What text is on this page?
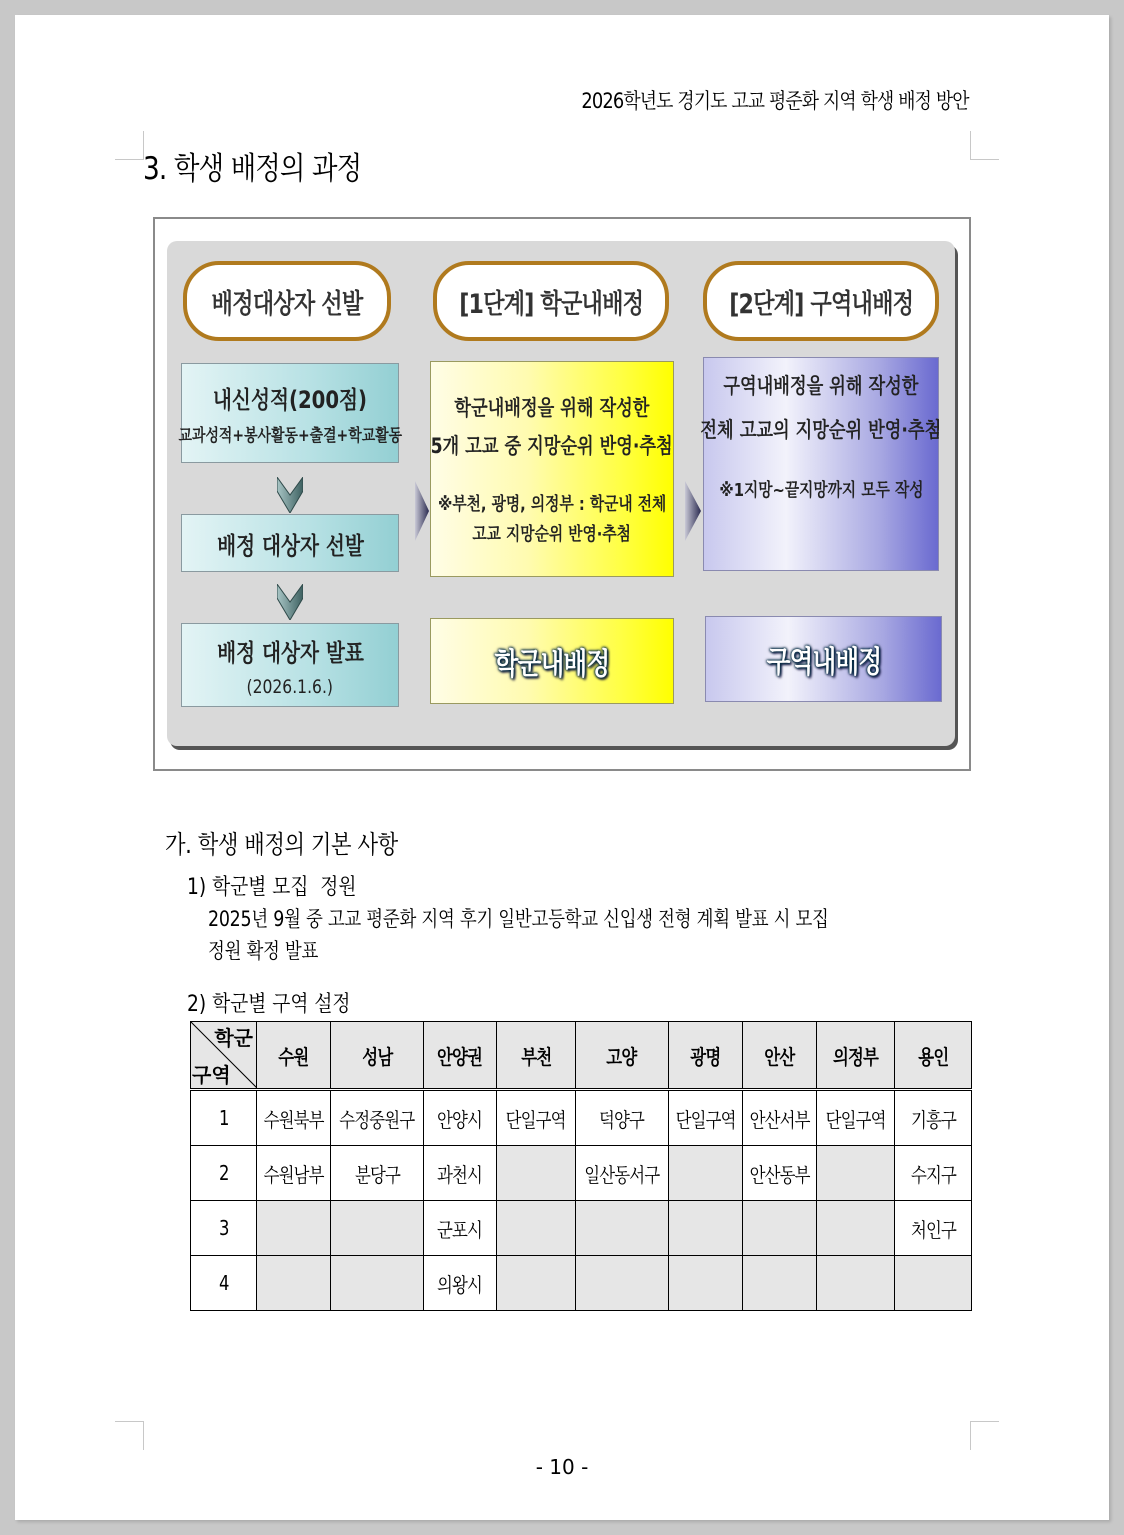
2026학년도 경기도 고교 평준화 지역 학생 배정 방안
3. 학생 배정의 과정
배정대상자 선발	[1단계] 학군내배정	[2단계] 구역내배정
내신성적(200점)
교과성적+봉사활동+출결+학교활동
배정 대상자 선발
배정 대상자 발표
(2026.1.6.)
학군내배정을 위해 작성한
5개 고교 중 지망순위 반영·추첨
※부천, 광명, 의정부 : 학군내 전체
고교 지망순위 반영·추첨
학군내배정
구역내배정을 위해 작성한
전체 고교의 지망순위 반영·추첨
※1지망~끝지망까지 모두 작성
구역내배정
가. 학생 배정의 기본 사항
1) 학군별 모집  정원
2025년 9월 중 고교 평준화 지역 후기 일반고등학교 신입생 전형 계획 발표 시 모집
정원 확정 발표
2) 학군별 구역 설정
학군
구역	수원	성남	안양권	부천	고양	광명	안산	의정부	용인
1	수원북부	수정중원구	안양시	단일구역	덕양구	단일구역	안산서부	단일구역	기흥구
2	수원남부	분당구	과천시		일산동서구		안산동부		수지구
3			군포시						처인구
4			의왕시						
- 10 -
